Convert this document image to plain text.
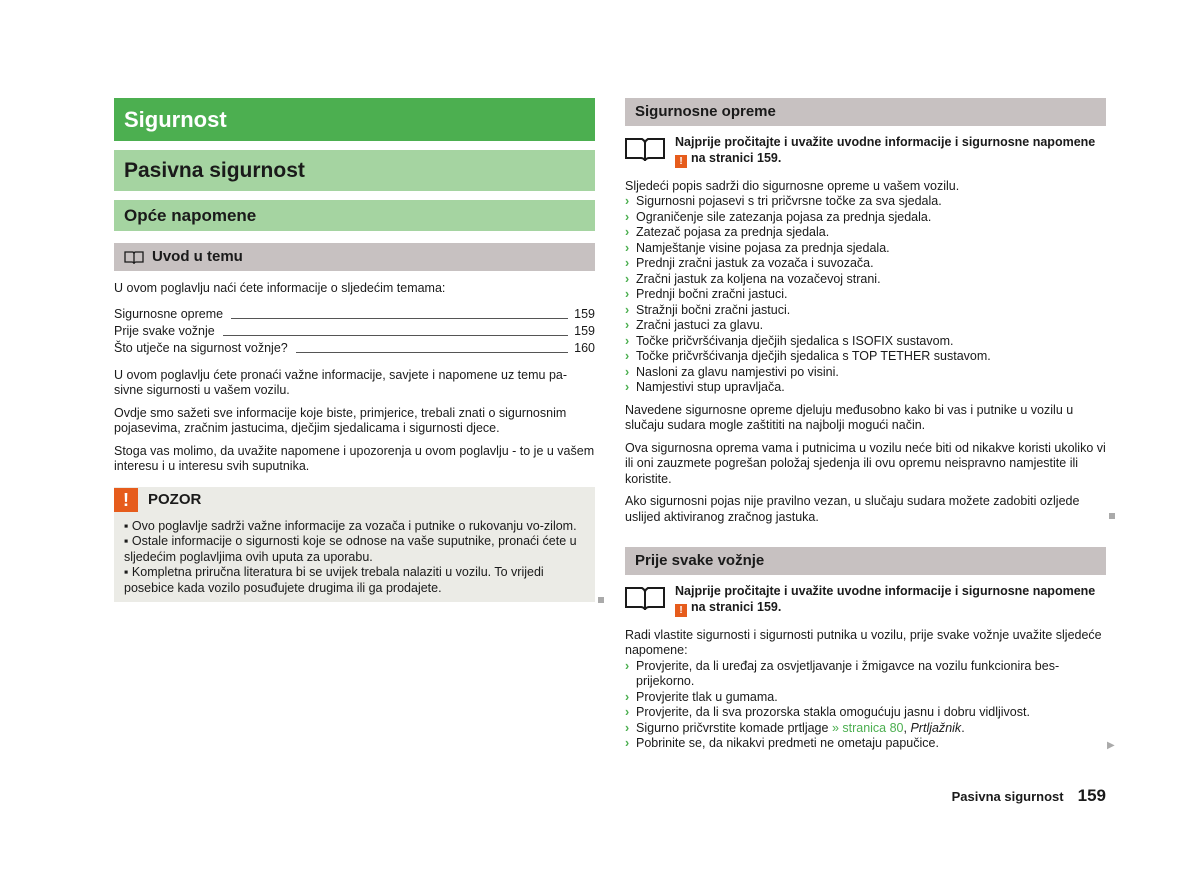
Sigurnost
Pasivna sigurnost
Opće napomene
Uvod u temu

U ovom poglavlju naći ćete informacije o sljedećim temama:

Sigurnosne opreme	159
Prije svake vožnje	159
Što utječe na sigurnost vožnje?	160

U ovom poglavlju ćete pronaći važne informacije, savjete i napomene uz temu pa-sivne sigurnosti u vašem vozilu.

Ovdje smo sažeti sve informacije koje biste, primjerice, trebali znati o sigurnosnim pojasevima, zračnim jastucima, dječjim sjedalicama i sigurnosti djece.

Stoga vas molimo, da uvažite napomene i upozorenja u ovom poglavlju - to je u vašem interesu i u interesu svih suputnika.

!	POZOR

▪ Ovo poglavlje sadrži važne informacije za vozača i putnike o rukovanju vo-zilom.

▪ Ostale informacije o sigurnosti koje se odnose na vaše suputnike, pronaći ćete u sljedećim poglavljima ovih uputa za uporabu.

▪ Kompletna priručna literatura bi se uvijek trebala nalaziti u vozilu. To vrijedi posebice kada vozilo posuđujete drugima ili ga prodajete.

Sigurnosne opreme
Najprije pročitajte i uvažite uvodne informacije i sigurnosne napomene
! na stranici 159.

Sljedeći popis sadrži dio sigurnosne opreme u vašem vozilu.

› Sigurnosni pojasevi s tri pričvrsne točke za sva sjedala.

› Ograničenje sile zatezanja pojasa za prednja sjedala.

› Zatezač pojasa za prednja sjedala.

› Namještanje visine pojasa za prednja sjedala.

› Prednji zračni jastuk za vozača i suvozača.

› Zračni jastuk za koljena na vozačevoj strani.

› Prednji bočni zračni jastuci.

› Stražnji bočni zračni jastuci.

› Zračni jastuci za glavu.

› Točke pričvršćivanja dječjih sjedalica s ISOFIX sustavom.

› Točke pričvršćivanja dječjih sjedalica s TOP TETHER sustavom.

› Nasloni za glavu namjestivi po visini.

› Namjestivi stup upravljača.

Navedene sigurnosne opreme djeluju međusobno kako bi vas i putnike u vozilu u slučaju sudara mogle zaštititi na najbolji mogući način.

Ova sigurnosna oprema vama i putnicima u vozilu neće biti od nikakve koristi ukoliko vi ili oni zauzmete pogrešan položaj sjedenja ili ovu opremu neispravno namjestite ili koristite.

Ako sigurnosni pojas nije pravilno vezan, u slučaju sudara možete zadobiti ozljede uslijed aktiviranog zračnog jastuka.

Prije svake vožnje
Najprije pročitajte i uvažite uvodne informacije i sigurnosne napomene
! na stranici 159.

Radi vlastite sigurnosti i sigurnosti putnika u vozilu, prije svake vožnje uvažite sljedeće napomene:

› Provjerite, da li uređaj za osvjetljavanje i žmigavce na vozilu funkcionira bes-prijekorno.

› Provjerite tlak u gumama.

› Provjerite, da li sva prozorska stakla omogućuju jasnu i dobru vidljivost.

› Sigurno pričvrstite komade prtljage » stranica 80, Prtljažnik.

› Pobrinite se, da nikakvi predmeti ne ometaju papučice.	▶
Pasivna sigurnost 159
